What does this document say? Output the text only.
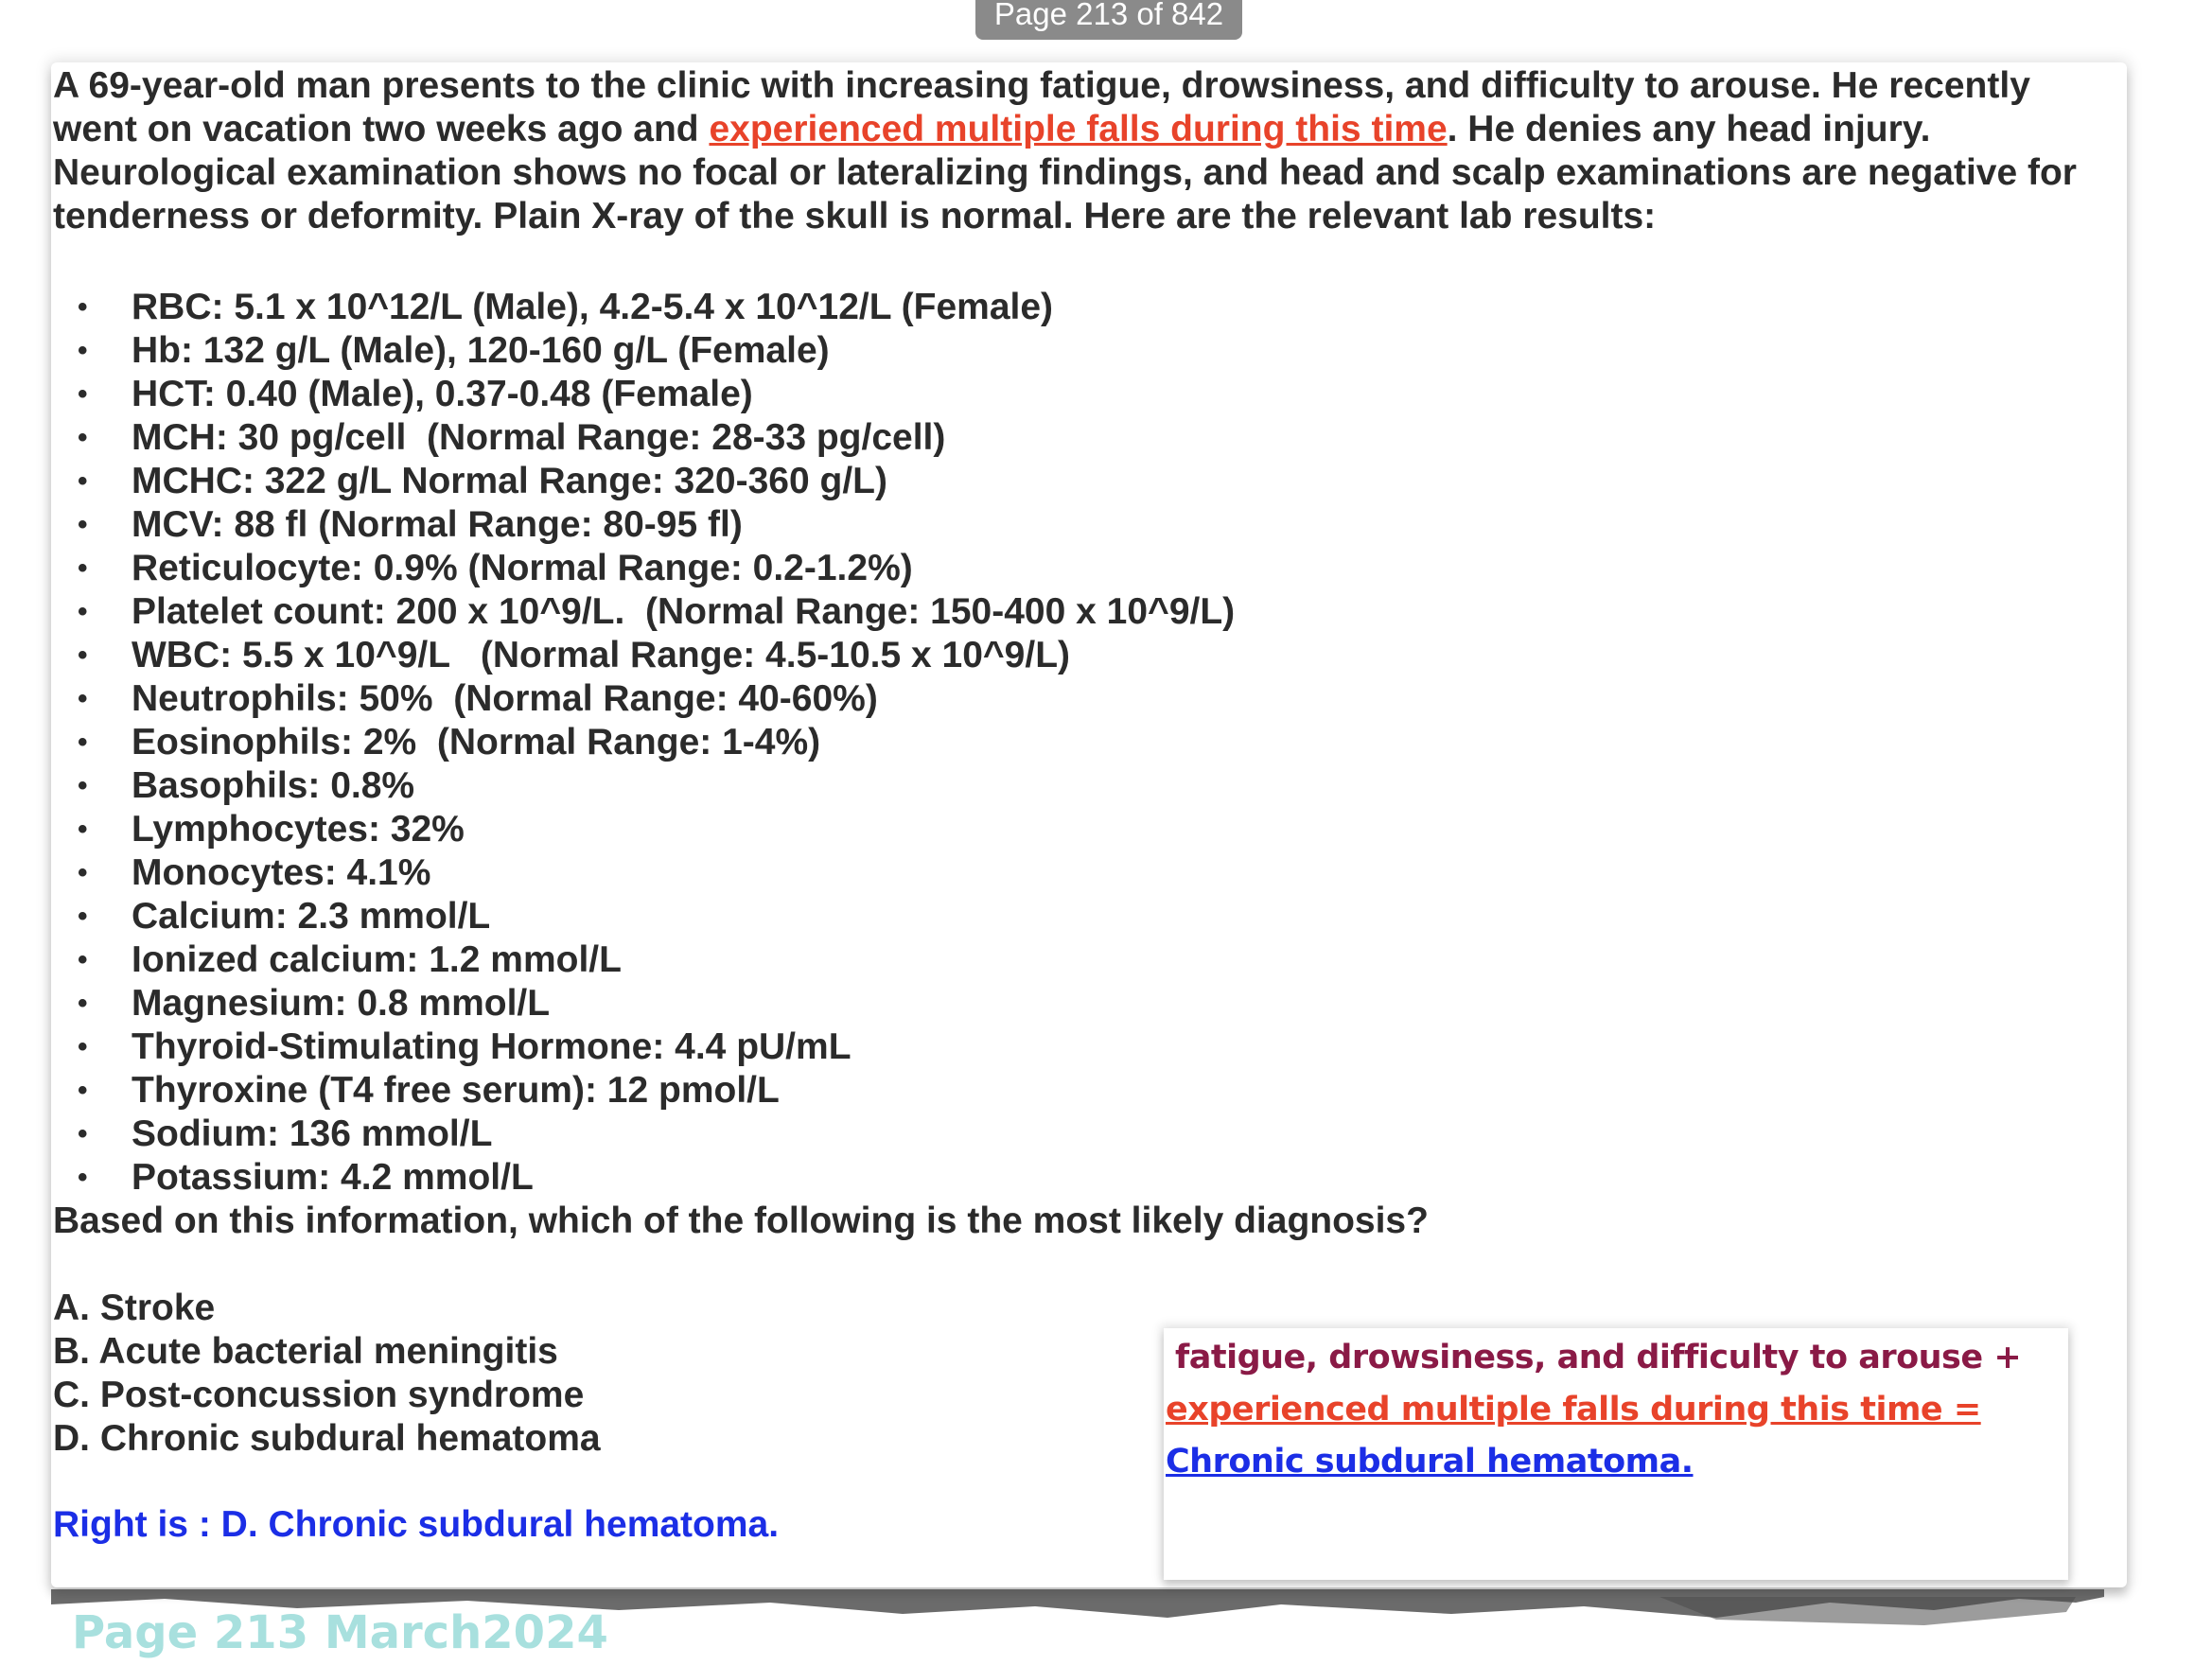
Page 213 of 842
A 69-year-old man presents to the clinic with increasing fatigue, drowsiness, and difficulty to arouse. He recently went on vacation two weeks ago and experienced multiple falls during this time. He denies any head injury. Neurological examination shows no focal or lateralizing findings, and head and scalp examinations are negative for tenderness or deformity. Plain X-ray of the skull is normal. Here are the relevant lab results:
• RBC: 5.1 x 10^12/L (Male), 4.2-5.4 x 10^12/L (Female)
• Hb: 132 g/L (Male), 120-160 g/L (Female)
• HCT: 0.40 (Male), 0.37-0.48 (Female)
• MCH: 30 pg/cell  (Normal Range: 28-33 pg/cell)
• MCHC: 322 g/L Normal Range: 320-360 g/L)
• MCV: 88 fl (Normal Range: 80-95 fl)
• Reticulocyte: 0.9% (Normal Range: 0.2-1.2%)
• Platelet count: 200 x 10^9/L.  (Normal Range: 150-400 x 10^9/L)
• WBC: 5.5 x 10^9/L   (Normal Range: 4.5-10.5 x 10^9/L)
• Neutrophils: 50%  (Normal Range: 40-60%)
• Eosinophils: 2%  (Normal Range: 1-4%)
• Basophils: 0.8%
• Lymphocytes: 32%
• Monocytes: 4.1%
• Calcium: 2.3 mmol/L
• Ionized calcium: 1.2 mmol/L
• Magnesium: 0.8 mmol/L
• Thyroid-Stimulating Hormone: 4.4 pU/mL
• Thyroxine (T4 free serum): 12 pmol/L
• Sodium: 136 mmol/L
• Potassium: 4.2 mmol/L
Based on this information, which of the following is the most likely diagnosis?
A. Stroke
B. Acute bacterial meningitis
C. Post-concussion syndrome
D. Chronic subdural hematoma
Right is : D. Chronic subdural hematoma.
fatigue, drowsiness, and difficulty to arouse +
experienced multiple falls during this time = Chronic subdural hematoma.
Page 213 March2024
